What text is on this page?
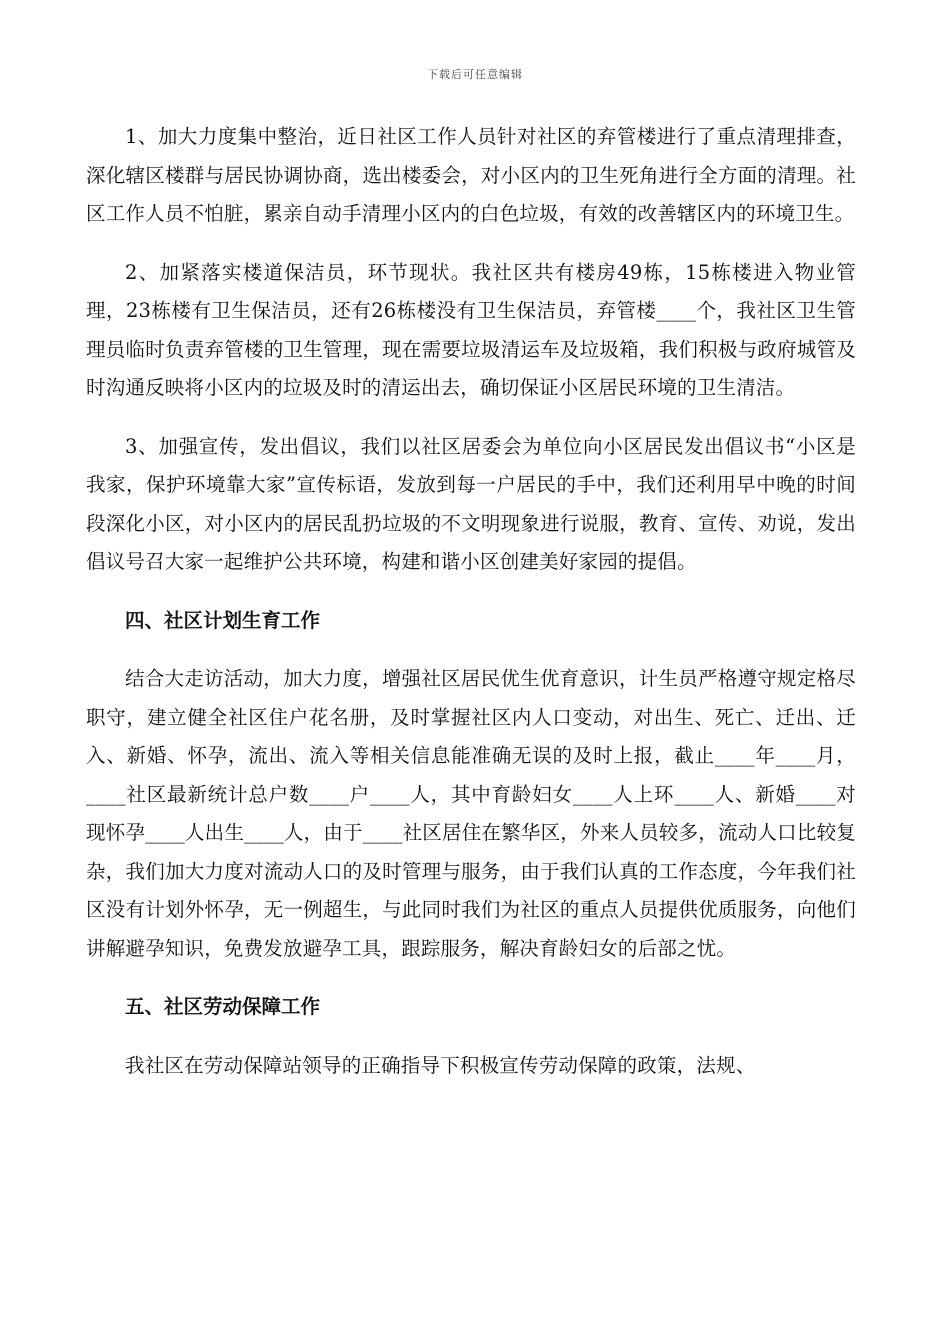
下载后可任意编辑

1、加大力度集中整治，近日社区工作人员针对社区的弃管楼进行了重点清理排查，深化辖区楼群与居民协调协商，选出楼委会，对小区内的卫生死角进行全方面的清理。社区工作人员不怕脏，累亲自动手清理小区内的白色垃圾，有效的改善辖区内的环境卫生。

2、加紧落实楼道保洁员，环节现状。我社区共有楼房49栋，15栋楼进入物业管理，23栋楼有卫生保洁员，还有26栋楼没有卫生保洁员，弃管楼____个，我社区卫生管理员临时负责弃管楼的卫生管理，现在需要垃圾清运车及垃圾箱，我们积极与政府城管及时沟通反映将小区内的垃圾及时的清运出去，确切保证小区居民环境的卫生清洁。

3、加强宣传，发出倡议，我们以社区居委会为单位向小区居民发出倡议书“小区是我家，保护环境靠大家”宣传标语，发放到每一户居民的手中，我们还利用早中晚的时间段深化小区，对小区内的居民乱扔垃圾的不文明现象进行说服，教育、宣传、劝说，发出倡议号召大家一起维护公共环境，构建和谐小区创建美好家园的提倡。

四、社区计划生育工作

结合大走访活动，加大力度，增强社区居民优生优育意识，计生员严格遵守规定格尽职守，建立健全社区住户花名册，及时掌握社区内人口变动，对出生、死亡、迁出、迁入、新婚、怀孕，流出、流入等相关信息能准确无误的及时上报，截止____年____月，____社区最新统计总户数____户____人，其中育龄妇女____人上环____人、新婚____对现怀孕____人出生____人，由于____社区居住在繁华区，外来人员较多，流动人口比较复杂，我们加大力度对流动人口的及时管理与服务，由于我们认真的工作态度，今年我们社区没有计划外怀孕，无一例超生，与此同时我们为社区的重点人员提供优质服务，向他们讲解避孕知识，免费发放避孕工具，跟踪服务，解决育龄妇女的后部之忧。

五、社区劳动保障工作

我社区在劳动保障站领导的正确指导下积极宣传劳动保障的政策，法规、
